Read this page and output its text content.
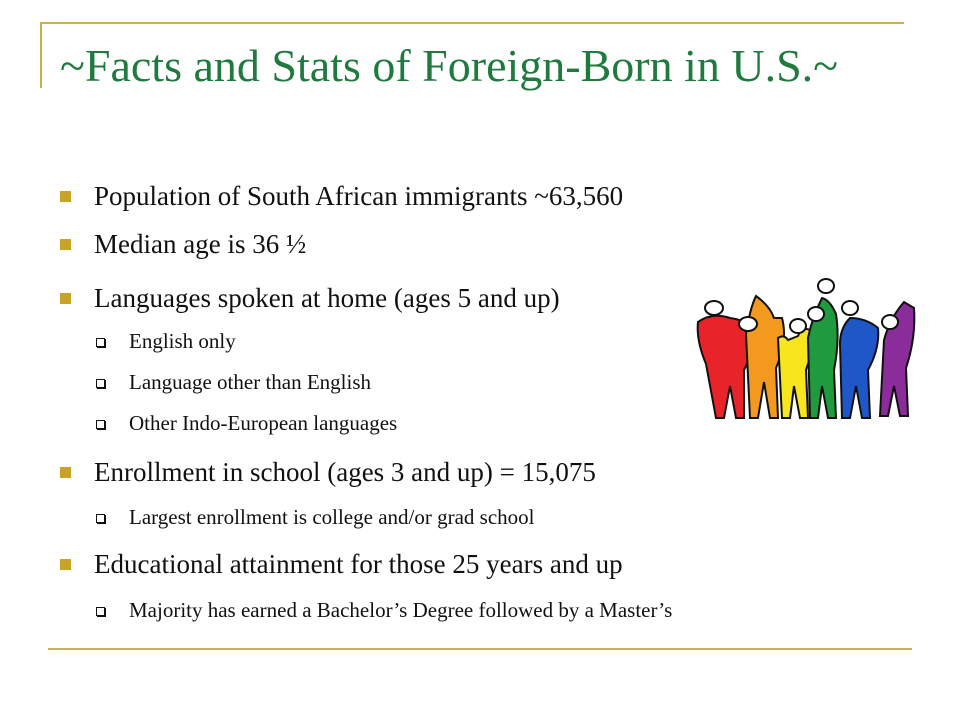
~Facts and Stats of Foreign-Born in U.S.~
Population of South African immigrants ~63,560
Median age is 36 ½
Languages spoken at home (ages 5 and up)
English only
Language other than English
Other Indo-European languages
Enrollment in school (ages 3 and up) = 15,075
Largest enrollment is college and/or grad school
Educational attainment for those 25 years and up
Majority has earned a Bachelor’s Degree followed by a Master’s
